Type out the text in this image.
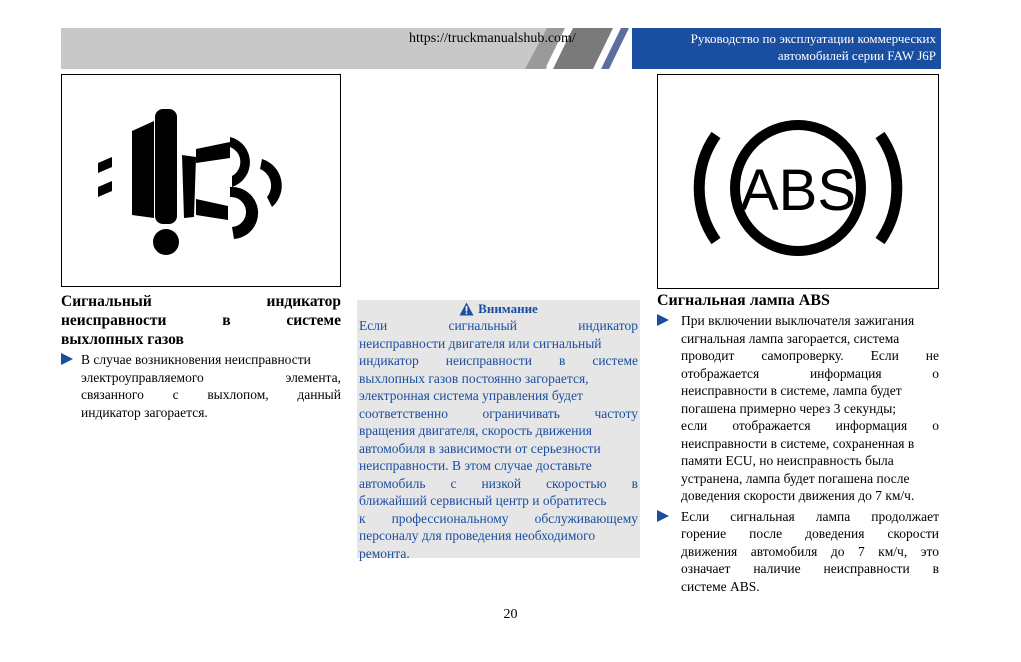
https://truckmanualshub.com/	Руководство по эксплуатации коммерческих
автомобилей серии FAW J6P
ABS
Сигнальный	индикатор
неисправности	в	системе
выхлопных газов
В случае возникновения неисправности
электроуправляемого	элемента,
связанного с выхлопом, данный
индикатор загорается.
Внимание
Если	сигнальный	индикатор
неисправности двигателя или сигнальный
индикатор неисправности в системе
выхлопных газов постоянно загорается,
электронная система управления будет
соответственно	ограничивать	частоту
вращения двигателя, скорость движения
автомобиля в зависимости от серьезности
неисправности. В этом случае доставьте
автомобиль с низкой скоростью в
ближайший сервисный центр и обратитесь
к профессиональному обслуживающему
персоналу для проведения необходимого
ремонта.
Сигнальная лампа ABS
При включении выключателя зажигания
сигнальная лампа загорается, система
проводит самопроверку. Если не
отображается	информация	о
неисправности в системе, лампа будет
погашена примерно через 3 секунды;
если отображается информация о
неисправности в системе, сохраненная в
памяти ECU, но неисправность была
устранена, лампа будет погашена после
доведения скорости движения до 7 км/ч.
Если сигнальная лампа продолжает
горение после доведения скорости
движения автомобиля до 7 км/ч, это
означает наличие неисправности в
системе ABS.
20
